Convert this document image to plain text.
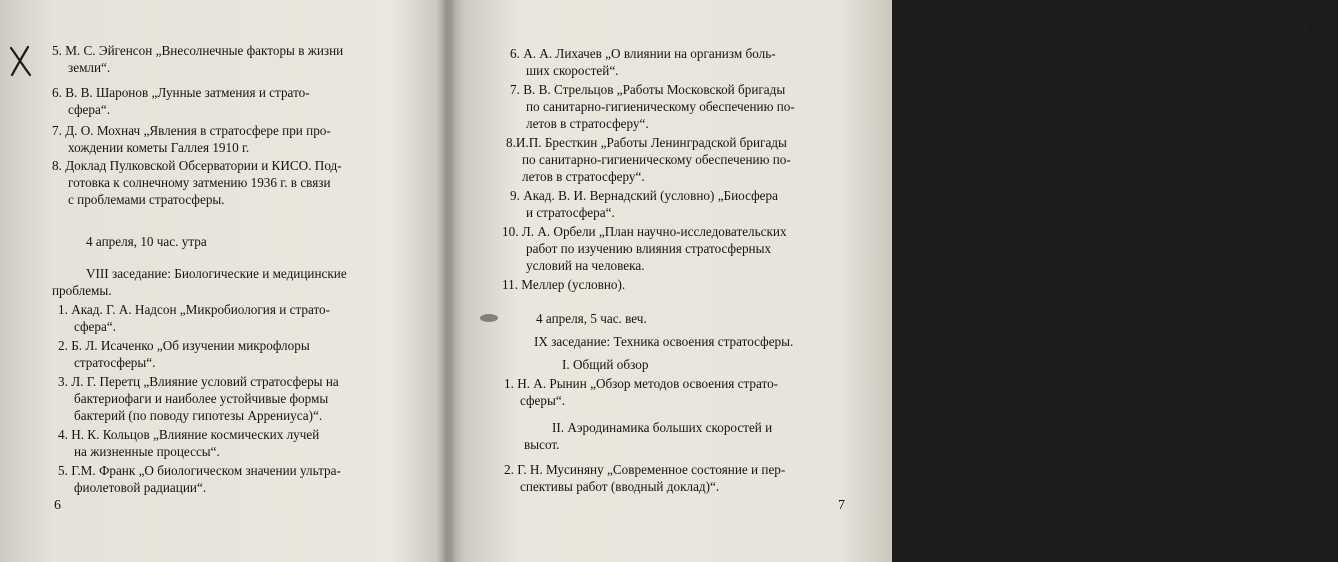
5. М. С. Эйгенсон „Внесолнечные факторы в жизни
земли“.
6. В. В. Шаронов „Лунные затмения и страто-
сфера“.
7. Д. О. Мохнач „Явления в стратосфере при про-
хождении кометы Галлея 1910 г.
8. Доклад Пулковской Обсерватории и КИСО. Под-
готовка к солнечному затмению 1936 г. в связи
с проблемами стратосферы.
4 апреля, 10 час. утра
VIII заседание: Биологические и медицинские
проблемы.
1. Акад. Г. А. Надсон „Микробиология и страто-
сфера“.
2. Б. Л. Исаченко „Об изучении микрофлоры
стратосферы“.
3. Л. Г. Перетц „Влияние условий стратосферы на
бактериофаги и наиболее устойчивые формы
бактерий (по поводу гипотезы Аррениуса)“.
4. Н. К. Кольцов „Влияние космических лучей
на жизненные процессы“.
5. Г.М. Франк „О биологическом значении ультра-
фиолетовой радиации“.
6
117
6. А. А. Лихачев „О влиянии на организм боль-
ших скоростей“.
7. В. В. Стрельцов „Работы Московской бригады
по санитарно-гигиеническому обеспечению по-
летов в стратосферу“.
8.И.П. Бресткин „Работы Ленинградской бригады
по санитарно-гигиеническому обеспечению по-
летов в стратосферу“.
9. Акад. В. И. Вернадский (условно) „Биосфера
и стратосфера“.
10. Л. А. Орбели „План научно-исследовательских
работ по изучению влияния стратосферных
условий на человека.
11. Меллер (условно).
4 апреля, 5 час. веч.
IX заседание: Техника освоения стратосферы.
I. Общий обзор
1. Н. А. Рынин „Обзор методов освоения страто-
сферы“.
II. Аэродинамика больших скоростей и
высот.
2. Г. Н. Мусиняну „Современное состояние и пер-
спективы работ (вводный доклад)“.
7
